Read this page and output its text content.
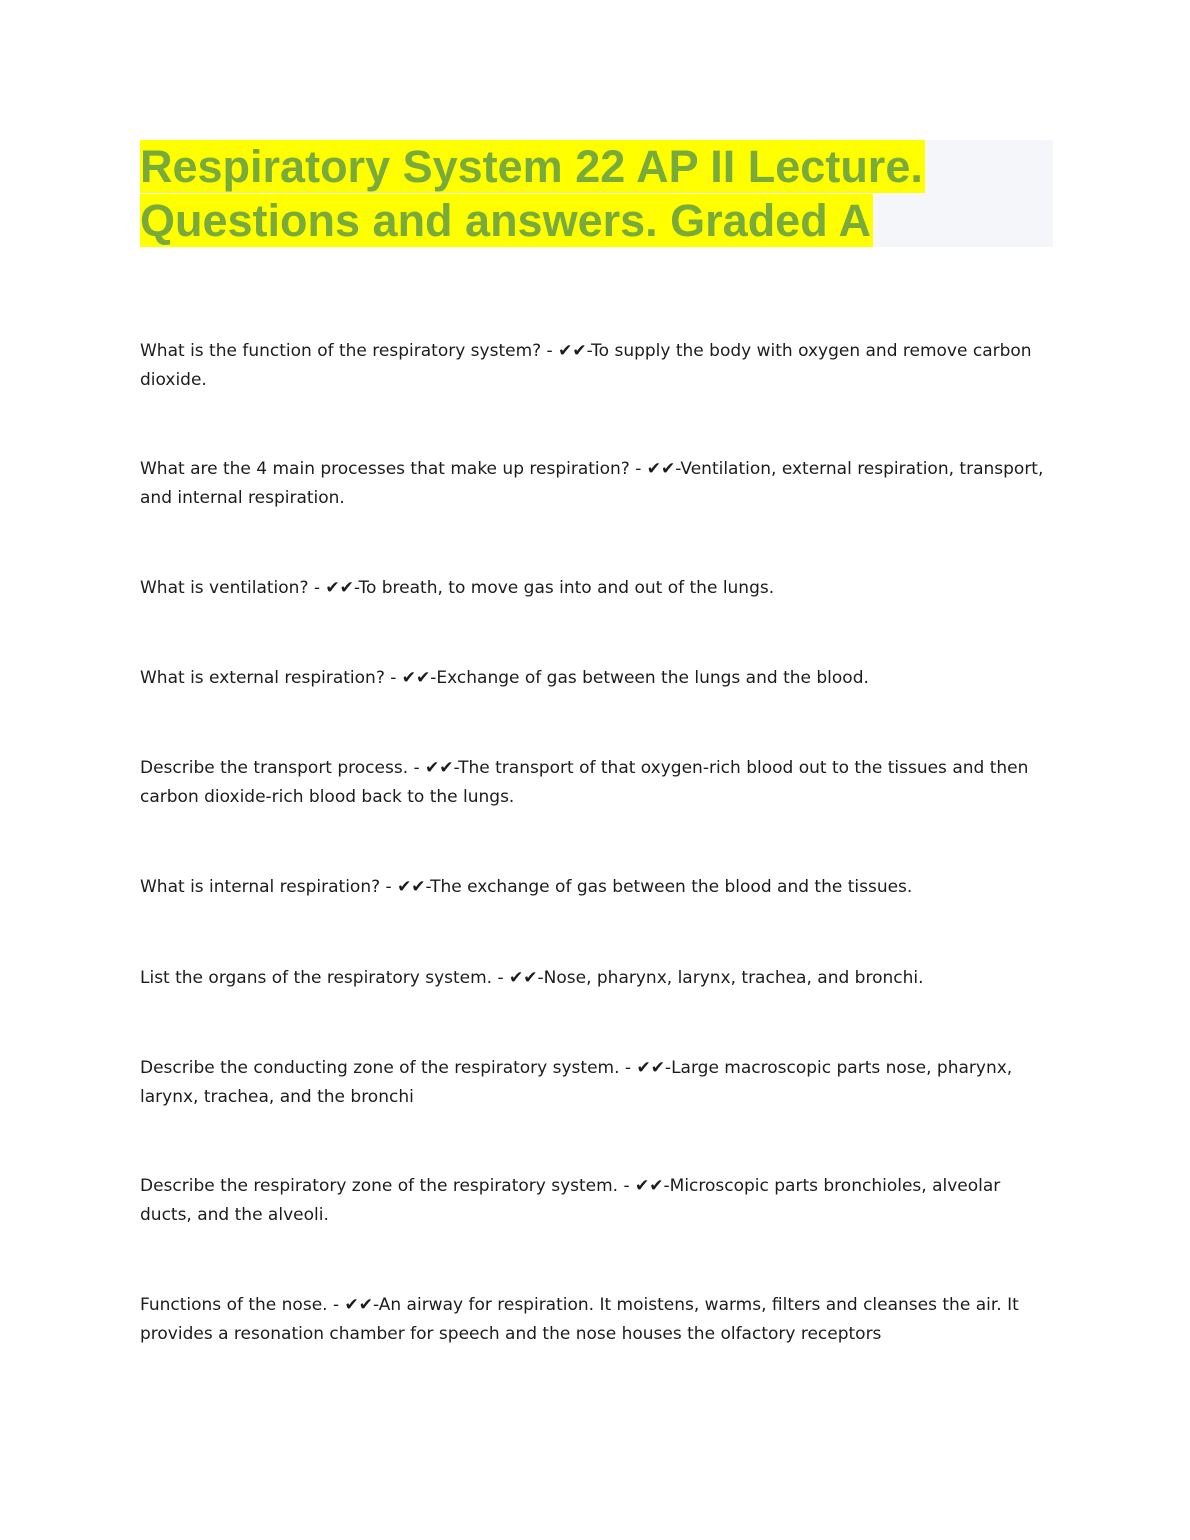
Respiratory System 22 AP II Lecture.
Questions and answers. Graded A

What is the function of the respiratory system? - ✔✔-To supply the body with oxygen and remove carbon dioxide.

What are the 4 main processes that make up respiration? - ✔✔-Ventilation, external respiration, transport, and internal respiration.

What is ventilation? - ✔✔-To breath, to move gas into and out of the lungs.

What is external respiration? - ✔✔-Exchange of gas between the lungs and the blood.

Describe the transport process. - ✔✔-The transport of that oxygen-rich blood out to the tissues and then carbon dioxide-rich blood back to the lungs.

What is internal respiration? - ✔✔-The exchange of gas between the blood and the tissues.

List the organs of the respiratory system. - ✔✔-Nose, pharynx, larynx, trachea, and bronchi.

Describe the conducting zone of the respiratory system. - ✔✔-Large macroscopic parts nose, pharynx, larynx, trachea, and the bronchi

Describe the respiratory zone of the respiratory system. - ✔✔-Microscopic parts bronchioles, alveolar ducts, and the alveoli.

Functions of the nose. - ✔✔-An airway for respiration. It moistens, warms, filters and cleanses the air. It provides a resonation chamber for speech and the nose houses the olfactory receptors
